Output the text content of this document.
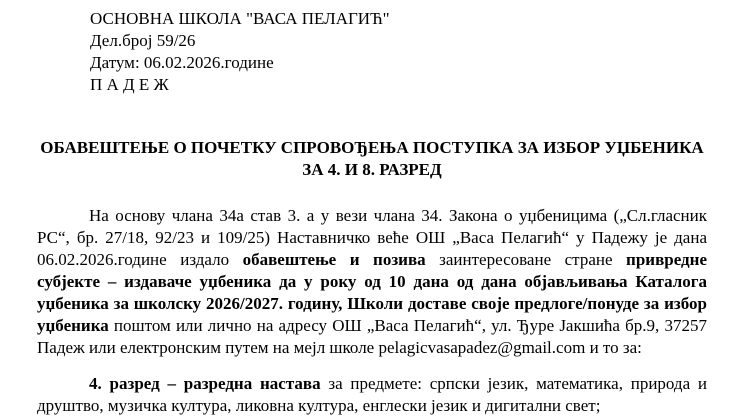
ОСНОВНА ШКОЛА "ВАСА ПЕЛАГИЋ"
Дел.број 59/26
Датум: 06.02.2026.године
П А Д Е Ж
ОБАВЕШТЕЊЕ О ПОЧЕТКУ СПРОВОЂЕЊА ПОСТУПКА ЗА ИЗБОР УЏБЕНИКА
ЗА 4. И 8. РАЗРЕД

На основу члана 34а став 3. а у вези члана 34. Закона о уџбеницима („Сл.гласник РС“, бр. 27/18, 92/23 и 109/25) Наставничко веће ОШ „Васа Пелагић“ у Падежу је дана 06.02.2026.године издало обавештење и позива заинтересоване стране привредне субјекте – издаваче уџбеника да у року од 10 дана од дана објављивања Каталога уџбеника за школску 2026/2027. годину, Школи доставе своје предлоге/понуде за избор уџбеника поштом или лично на адресу ОШ „Васа Пелагић“, ул. Ђуре Јакшића бр.9, 37257 Падеж или електронским путем на мејл школе pelagicvasapadez@gmail.com и то за:

4. разред – разредна настава за предмете: српски језик, математика, природа и друштво, музичка култура, ликовна култура, енглески језик и дигитални свет;
